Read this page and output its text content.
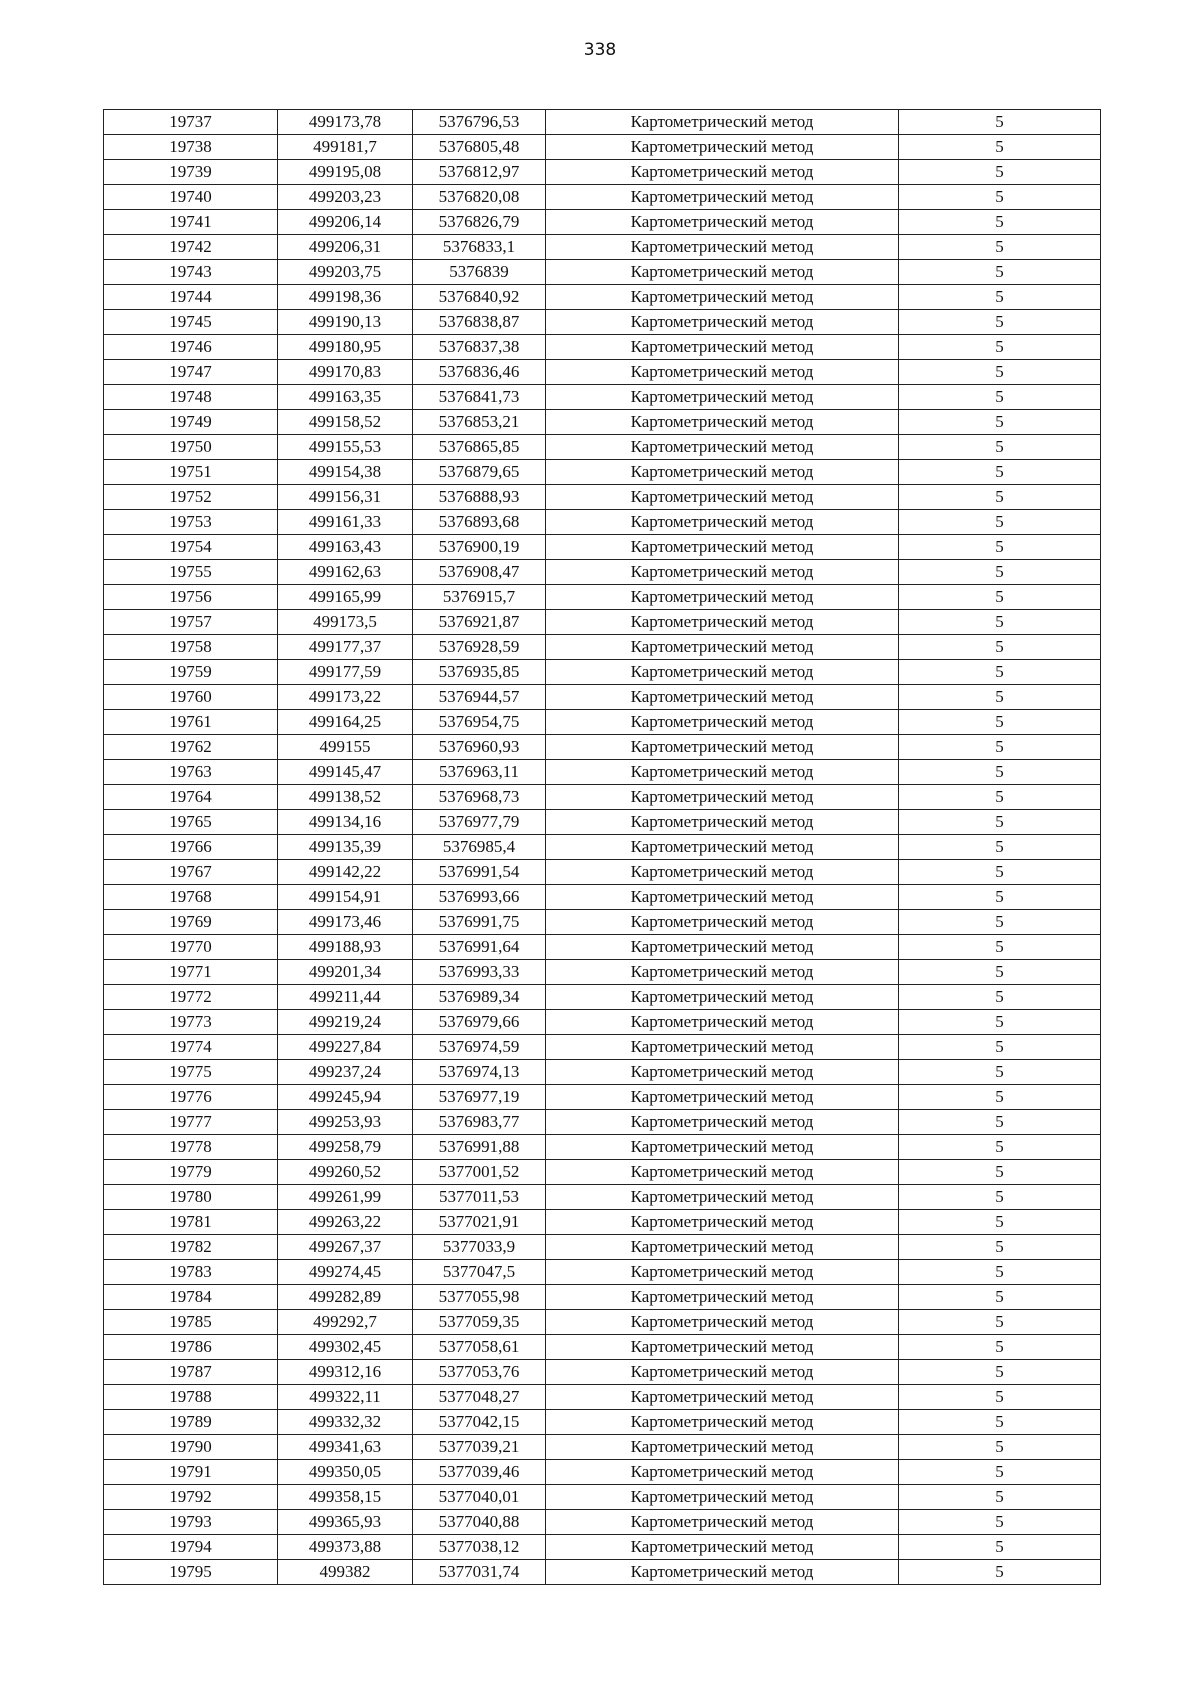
338
19737	499173,78	5376796,53	Картометрический метод	5
19738	499181,7	5376805,48	Картометрический метод	5
19739	499195,08	5376812,97	Картометрический метод	5
19740	499203,23	5376820,08	Картометрический метод	5
19741	499206,14	5376826,79	Картометрический метод	5
19742	499206,31	5376833,1	Картометрический метод	5
19743	499203,75	5376839	Картометрический метод	5
19744	499198,36	5376840,92	Картометрический метод	5
19745	499190,13	5376838,87	Картометрический метод	5
19746	499180,95	5376837,38	Картометрический метод	5
19747	499170,83	5376836,46	Картометрический метод	5
19748	499163,35	5376841,73	Картометрический метод	5
19749	499158,52	5376853,21	Картометрический метод	5
19750	499155,53	5376865,85	Картометрический метод	5
19751	499154,38	5376879,65	Картометрический метод	5
19752	499156,31	5376888,93	Картометрический метод	5
19753	499161,33	5376893,68	Картометрический метод	5
19754	499163,43	5376900,19	Картометрический метод	5
19755	499162,63	5376908,47	Картометрический метод	5
19756	499165,99	5376915,7	Картометрический метод	5
19757	499173,5	5376921,87	Картометрический метод	5
19758	499177,37	5376928,59	Картометрический метод	5
19759	499177,59	5376935,85	Картометрический метод	5
19760	499173,22	5376944,57	Картометрический метод	5
19761	499164,25	5376954,75	Картометрический метод	5
19762	499155	5376960,93	Картометрический метод	5
19763	499145,47	5376963,11	Картометрический метод	5
19764	499138,52	5376968,73	Картометрический метод	5
19765	499134,16	5376977,79	Картометрический метод	5
19766	499135,39	5376985,4	Картометрический метод	5
19767	499142,22	5376991,54	Картометрический метод	5
19768	499154,91	5376993,66	Картометрический метод	5
19769	499173,46	5376991,75	Картометрический метод	5
19770	499188,93	5376991,64	Картометрический метод	5
19771	499201,34	5376993,33	Картометрический метод	5
19772	499211,44	5376989,34	Картометрический метод	5
19773	499219,24	5376979,66	Картометрический метод	5
19774	499227,84	5376974,59	Картометрический метод	5
19775	499237,24	5376974,13	Картометрический метод	5
19776	499245,94	5376977,19	Картометрический метод	5
19777	499253,93	5376983,77	Картометрический метод	5
19778	499258,79	5376991,88	Картометрический метод	5
19779	499260,52	5377001,52	Картометрический метод	5
19780	499261,99	5377011,53	Картометрический метод	5
19781	499263,22	5377021,91	Картометрический метод	5
19782	499267,37	5377033,9	Картометрический метод	5
19783	499274,45	5377047,5	Картометрический метод	5
19784	499282,89	5377055,98	Картометрический метод	5
19785	499292,7	5377059,35	Картометрический метод	5
19786	499302,45	5377058,61	Картометрический метод	5
19787	499312,16	5377053,76	Картометрический метод	5
19788	499322,11	5377048,27	Картометрический метод	5
19789	499332,32	5377042,15	Картометрический метод	5
19790	499341,63	5377039,21	Картометрический метод	5
19791	499350,05	5377039,46	Картометрический метод	5
19792	499358,15	5377040,01	Картометрический метод	5
19793	499365,93	5377040,88	Картометрический метод	5
19794	499373,88	5377038,12	Картометрический метод	5
19795	499382	5377031,74	Картометрический метод	5
